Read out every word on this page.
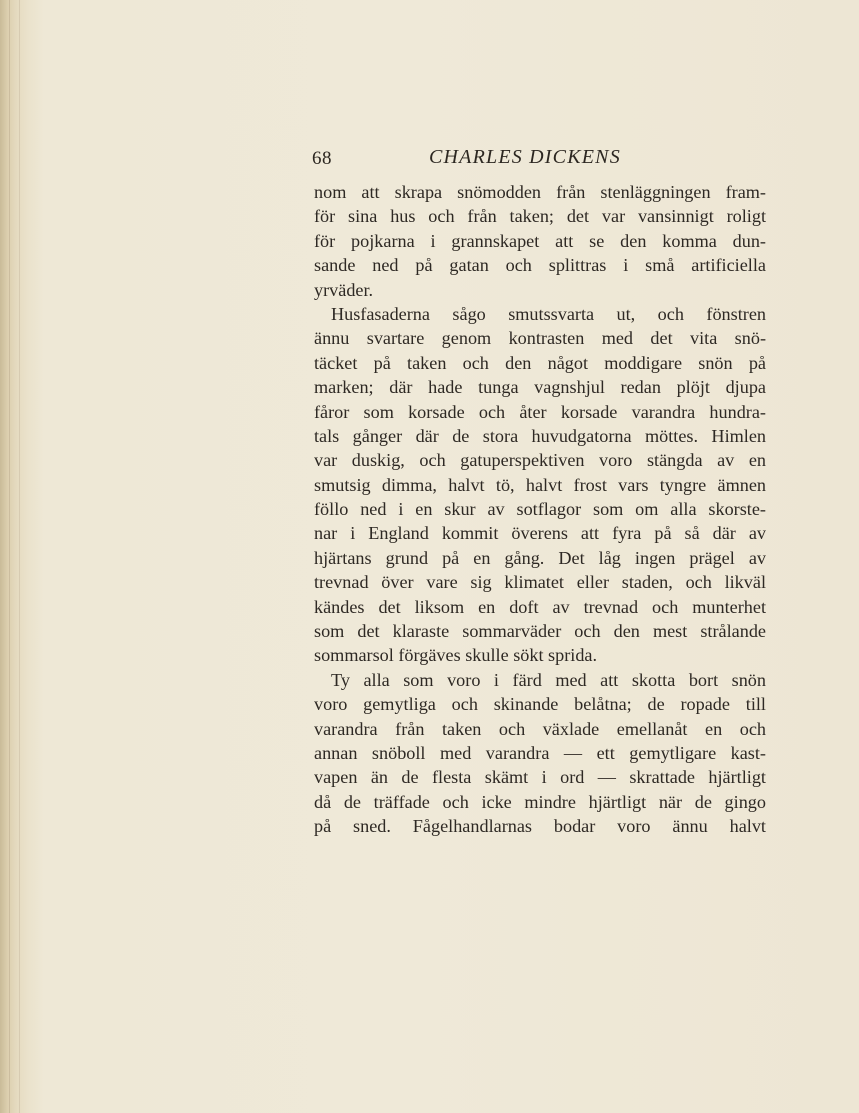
68	CHARLES DICKENS
nom att skrapa snömodden från stenläggningen fram-
för sina hus och från taken; det var vansinnigt roligt
för pojkarna i grannskapet att se den komma dun-
sande ned på gatan och splittras i små artificiella
yrväder.
Husfasaderna sågo smutssvarta ut, och fönstren
ännu svartare genom kontrasten med det vita snö-
täcket på taken och den något moddigare snön på
marken; där hade tunga vagnshjul redan plöjt djupa
fåror som korsade och åter korsade varandra hundra-
tals gånger där de stora huvudgatorna möttes. Himlen
var duskig, och gatuperspektiven voro stängda av en
smutsig dimma, halvt tö, halvt frost vars tyngre ämnen
föllo ned i en skur av sotflagor som om alla skorste-
nar i England kommit överens att fyra på så där av
hjärtans grund på en gång. Det låg ingen prägel av
trevnad över vare sig klimatet eller staden, och likväl
kändes det liksom en doft av trevnad och munterhet
som det klaraste sommarväder och den mest strålande
sommarsol förgäves skulle sökt sprida.
Ty alla som voro i färd med att skotta bort snön
voro gemytliga och skinande belåtna; de ropade till
varandra från taken och växlade emellanåt en och
annan snöboll med varandra — ett gemytligare kast-
vapen än de flesta skämt i ord — skrattade hjärtligt
då de träffade och icke mindre hjärtligt när de gingo
på sned. Fågelhandlarnas bodar voro ännu halvt
